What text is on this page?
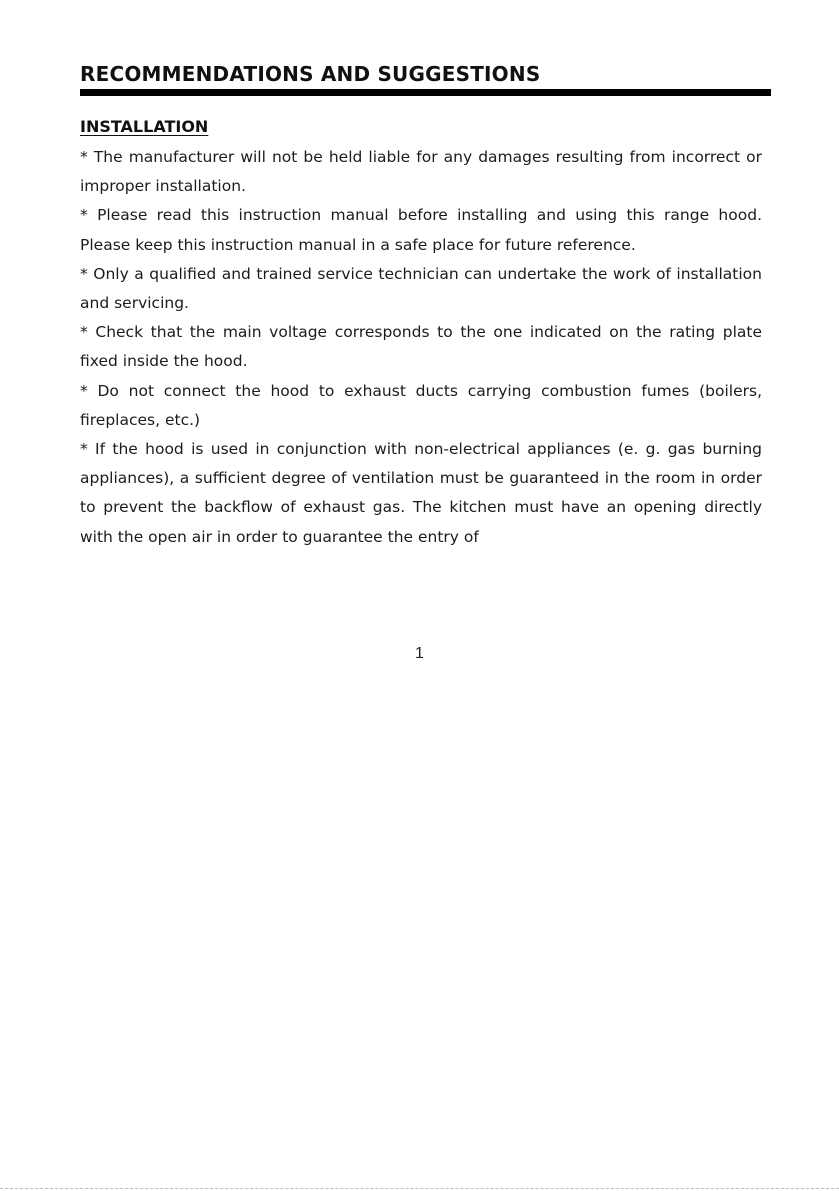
RECOMMENDATIONS AND SUGGESTIONS
INSTALLATION
* The manufacturer will not be held liable for any damages resulting from incorrect or improper installation.
* Please read this instruction manual before installing and using this range hood. Please keep this instruction manual in a safe place for future reference.
* Only a qualified and trained service technician can undertake the work of installation and servicing.
* Check that the main voltage corresponds to the one indicated on the rating plate fixed inside the hood.
* Do not connect the hood to exhaust ducts carrying combustion fumes (boilers, fireplaces, etc.)
* If the hood is used in conjunction with non-electrical appliances (e. g. gas burning appliances), a sufficient degree of ventilation must be guaranteed in the room in order to prevent the backflow of exhaust gas. The kitchen must have an opening directly with the open air in order to guarantee the entry of
1
